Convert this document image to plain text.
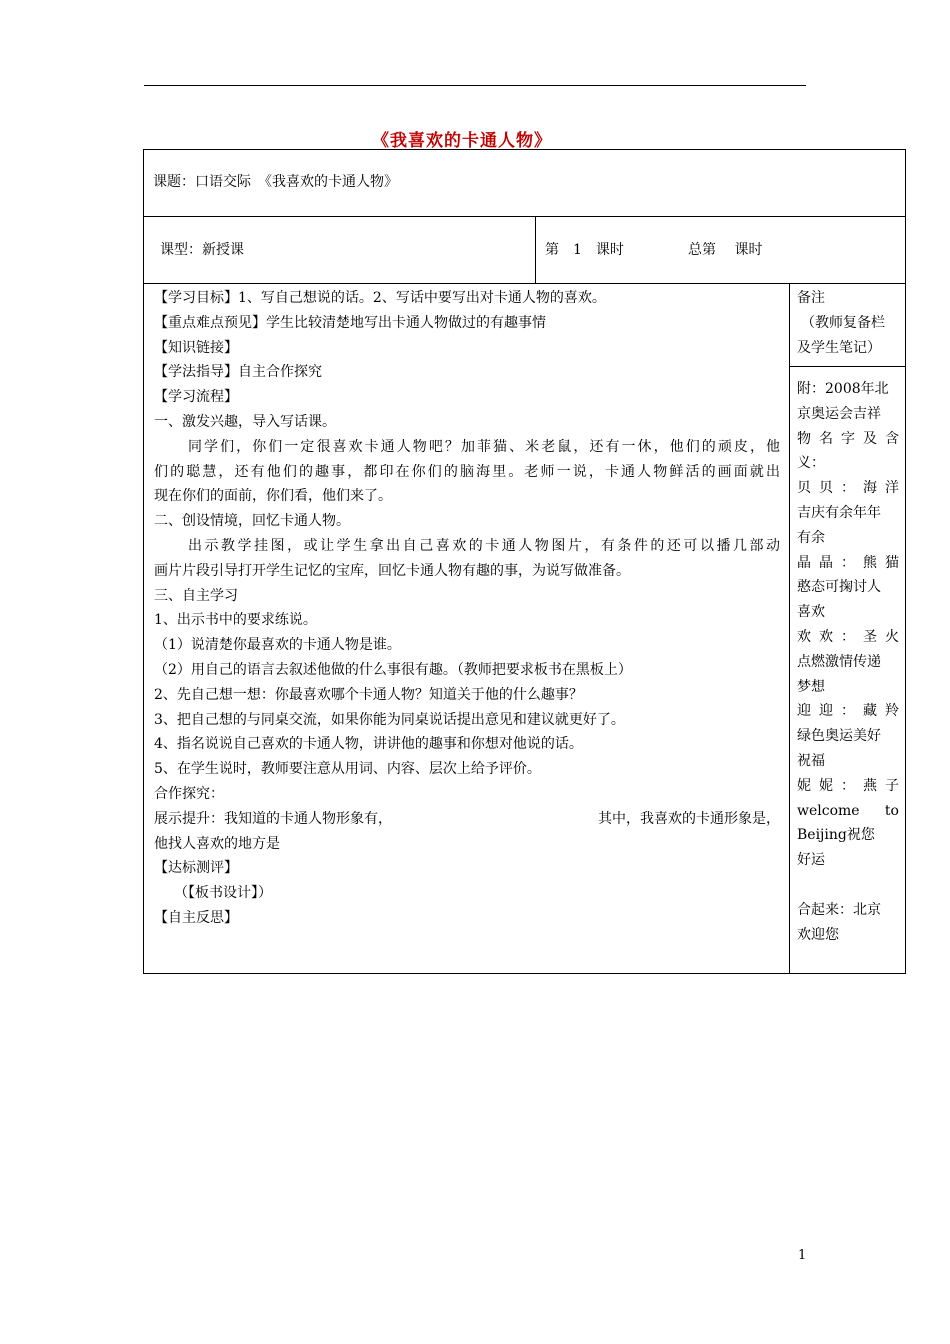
《我喜欢的卡通人物》
课题：口语交际　《我喜欢的卡通人物》
课型：新授课	第　1　课时	总第　 课时
【学习目标】1、写自己想说的话。2、写话中要写出对卡通人物的喜欢。
【重点难点预见】学生比较清楚地写出卡通人物做过的有趣事情
【知识链接】
【学法指导】自主合作探究
【学习流程】
一、激发兴趣，导入写话课。
同学们，你们一定很喜欢卡通人物吧？加菲猫、米老鼠，还有一休，他们的顽皮，他
们的聪慧，还有他们的趣事，都印在你们的脑海里。老师一说，卡通人物鲜活的画面就出
现在你们的面前，你们看，他们来了。
二、创设情境，回忆卡通人物。
出示教学挂图，或让学生拿出自己喜欢的卡通人物图片，有条件的还可以播几部动
画片片段引导打开学生记忆的宝库，回忆卡通人物有趣的事，为说写做准备。
三、自主学习
1、出示书中的要求练说。
（1）说清楚你最喜欢的卡通人物是谁。
（2）用自己的语言去叙述他做的什么事很有趣。（教师把要求板书在黑板上）
2、先自己想一想：你最喜欢哪个卡通人物？知道关于他的什么趣事？
3、把自己想的与同桌交流，如果你能为同桌说话提出意见和建议就更好了。
4、指名说说自己喜欢的卡通人物，讲讲他的趣事和你想对他说的话。
5、在学生说时，教师要注意从用词、内容、层次上给予评价。
合作探究：
展示提升：我知道的卡通人物形象有，	其中，我喜欢的卡通形象是，
他找人喜欢的地方是
【达标测评】
（【板书设计】）
【自主反思】
备注
（教师复备栏
及学生笔记）
附：2008年北
京奥运会吉祥
物名字及含
义：
贝贝：海洋
吉庆有余年年
有余
晶晶：熊猫
憨态可掬讨人
喜欢
欢欢：圣火
点燃激情传递
梦想
迎迎：藏羚
绿色奥运美好
祝福
妮妮：燕子
welcome to
Beijing祝您
好运
合起来：北京
欢迎您
1
